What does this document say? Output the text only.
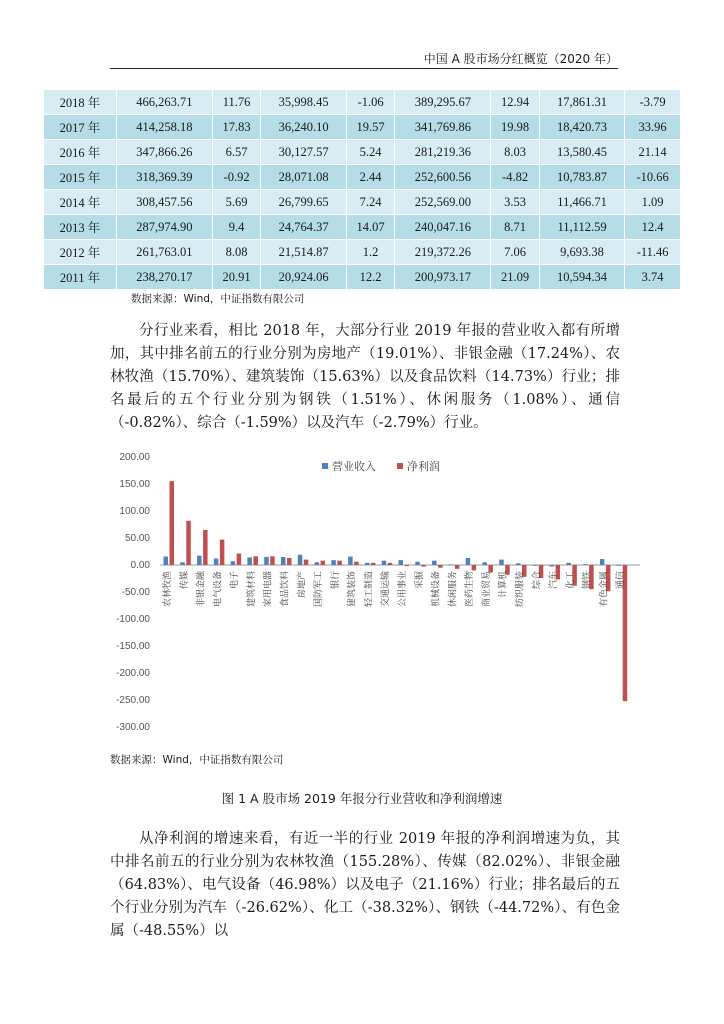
中国 A 股市场分红概览（2020 年）
2018 年	466,263.71	11.76	35,998.45	-1.06	389,295.67	12.94	17,861.31	-3.79
2017 年	414,258.18	17.83	36,240.10	19.57	341,769.86	19.98	18,420.73	33.96
2016 年	347,866.26	6.57	30,127.57	5.24	281,219.36	8.03	13,580.45	21.14
2015 年	318,369.39	-0.92	28,071.08	2.44	252,600.56	-4.82	10,783.87	-10.66
2014 年	308,457.56	5.69	26,799.65	7.24	252,569.00	3.53	11,466.71	1.09
2013 年	287,974.90	9.4	24,764.37	14.07	240,047.16	8.71	11,112.59	12.4
2012 年	261,763.01	8.08	21,514.87	1.2	219,372.26	7.06	9,693.38	-11.46
2011 年	238,270.17	20.91	20,924.06	12.2	200,973.17	21.09	10,594.34	3.74
数据来源：Wind，中证指数有限公司

分行业来看，相比 2018 年，大部分行业 2019 年报的营业收入都有所增加，其中排名前五的行业分别为房地产（19.01%）、非银金融（17.24%）、农林牧渔（15.70%）、建筑装饰（15.63%）以及食品饮料（14.73%）行业；排名最后的五个行业分别为钢铁（1.51%）、休闲服务（1.08%）、通信（-0.82%）、综合（-1.59%）以及汽车（-2.79%）行业。

200.00
150.00
100.00
50.00
0.00
-50.00
-100.00
-150.00
-200.00
-250.00
-300.00
营业收入	净利润
农林牧渔 传媒 非银金融 电气设备 电子 建筑材料 家用电器 食品饮料 房地产 国防军工 银行 建筑装饰 轻工制造 交通运输 公用事业 采掘 机械设备 休闲服务 医药生物 商业贸易 计算机 纺织服装 综合 汽车 化工 钢铁 有色金属 通信
数据来源：Wind，中证指数有限公司
图 1 A 股市场 2019 年报分行业营收和净利润增速

从净利润的增速来看，有近一半的行业 2019 年报的净利润增速为负，其中排名前五的行业分别为农林牧渔（155.28%）、传媒（82.02%）、非银金融（64.83%）、电气设备（46.98%）以及电子（21.16%）行业；排名最后的五个行业分别为汽车（-26.62%）、化工（-38.32%）、钢铁（-44.72%）、有色金属（-48.55%）以
